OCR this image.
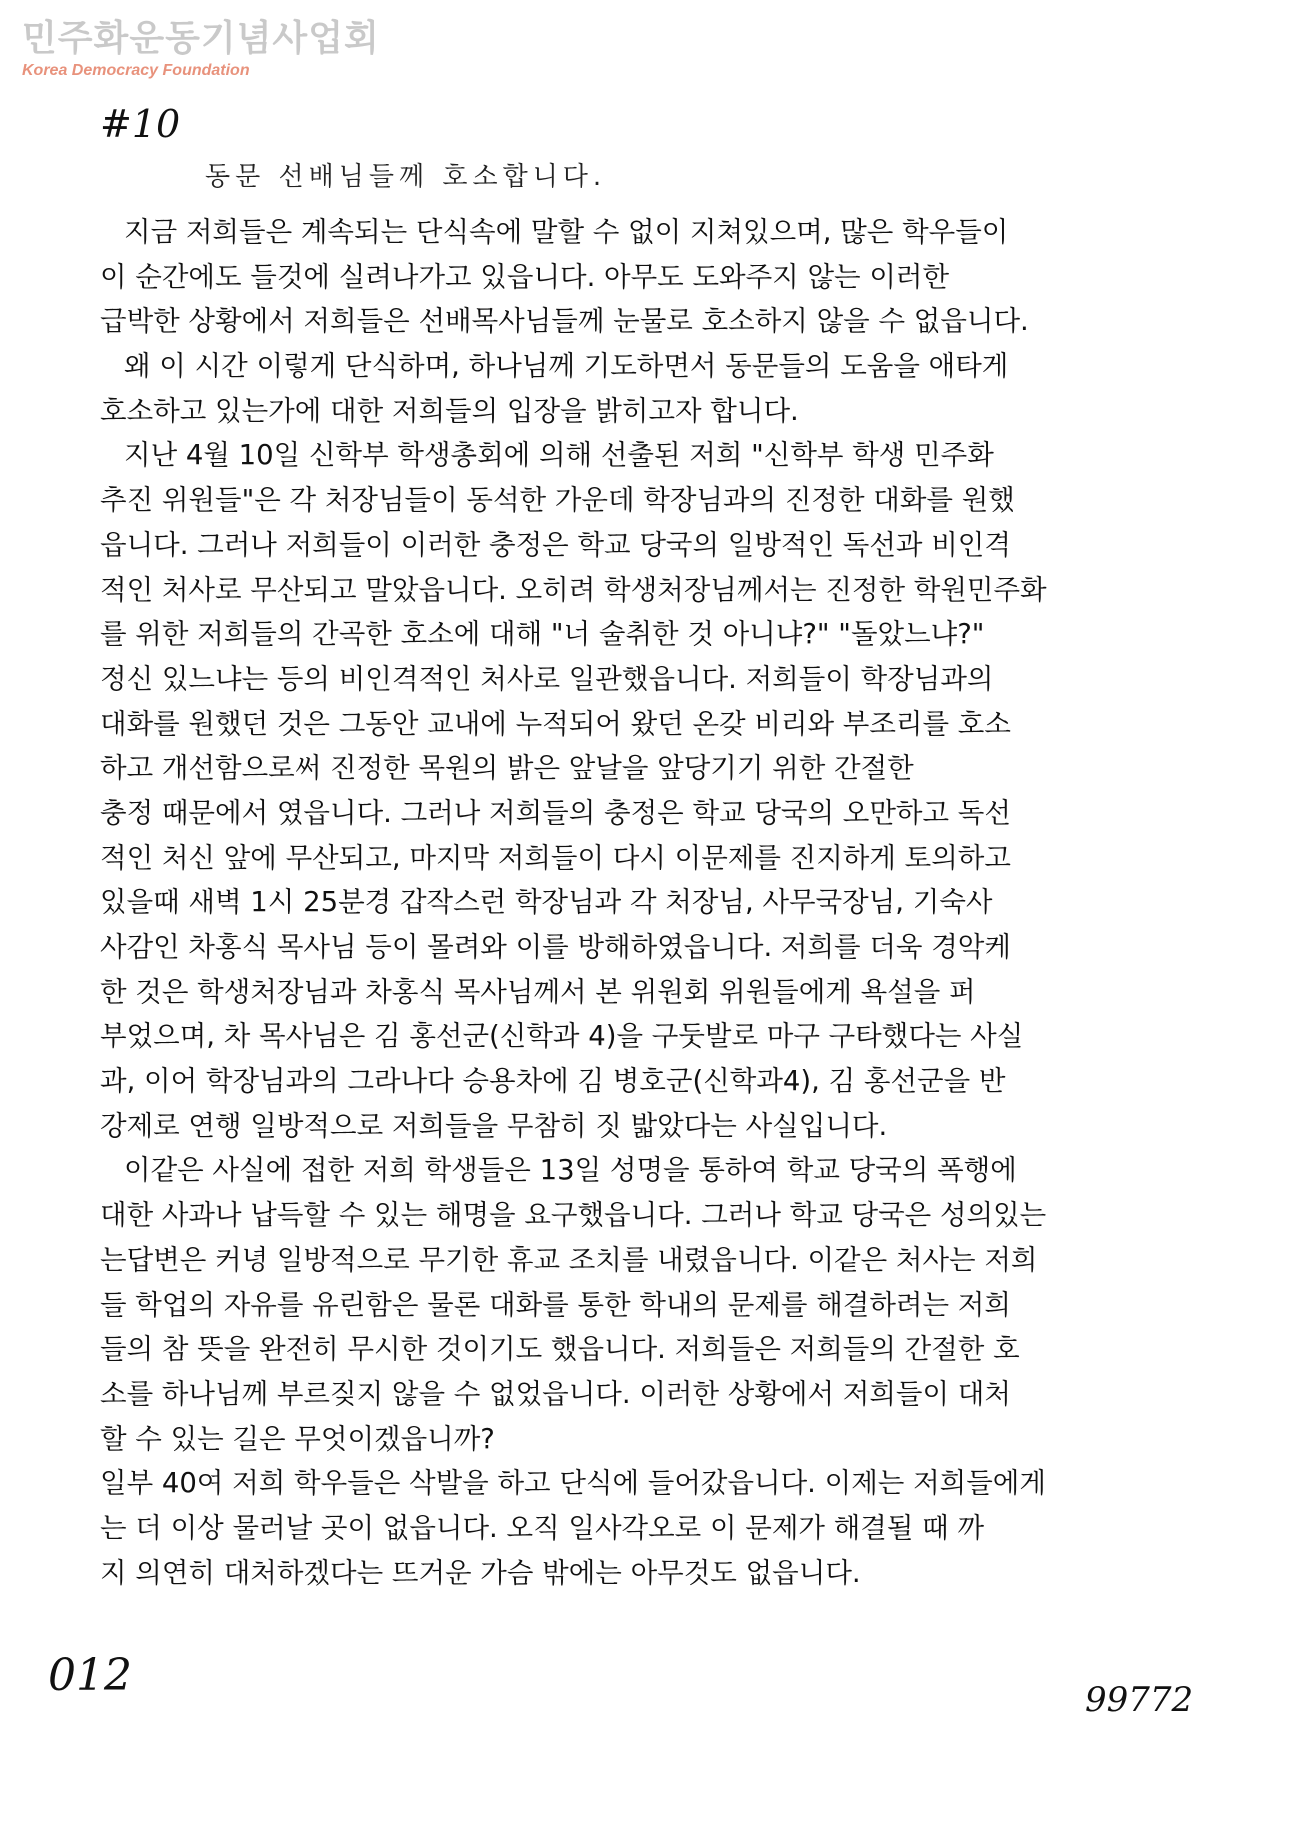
민주화운동기념사업회
Korea Democracy Foundation
#10
동문 선배님들께 호소합니다.
지금 저희들은 계속되는 단식속에 말할 수 없이 지쳐있으며, 많은 학우들이
이 순간에도 들것에 실려나가고 있읍니다. 아무도 도와주지 않는 이러한
급박한 상황에서 저희들은 선배목사님들께 눈물로 호소하지 않을 수 없읍니다.
왜 이 시간 이렇게 단식하며, 하나님께 기도하면서 동문들의 도움을 애타게
호소하고 있는가에 대한 저희들의 입장을 밝히고자 합니다.
지난 4월 10일 신학부 학생총회에 의해 선출된 저희 "신학부 학생 민주화
추진 위원들"은 각 처장님들이 동석한 가운데 학장님과의 진정한 대화를 원했
읍니다. 그러나 저희들이 이러한 충정은 학교 당국의 일방적인 독선과 비인격
적인 처사로 무산되고 말았읍니다. 오히려 학생처장님께서는 진정한 학원민주화
를 위한 저희들의 간곡한 호소에 대해 "너 술취한 것 아니냐?" "돌았느냐?"
정신 있느냐는 등의 비인격적인 처사로 일관했읍니다. 저희들이 학장님과의
대화를 원했던 것은 그동안 교내에 누적되어 왔던 온갖 비리와 부조리를 호소
하고 개선함으로써 진정한 목원의 밝은 앞날을 앞당기기 위한 간절한
충정 때문에서 였읍니다. 그러나 저희들의 충정은 학교 당국의 오만하고 독선
적인 처신 앞에 무산되고, 마지막 저희들이 다시 이문제를 진지하게 토의하고
있을때 새벽 1시 25분경 갑작스런 학장님과 각 처장님, 사무국장님, 기숙사
사감인 차홍식 목사님 등이 몰려와 이를 방해하였읍니다. 저희를 더욱 경악케
한 것은 학생처장님과 차홍식 목사님께서 본 위원회 위원들에게 욕설을 퍼
부었으며, 차 목사님은 김 홍선군(신학과 4)을 구둣발로 마구 구타했다는 사실
과, 이어 학장님과의 그라나다 승용차에 김 병호군(신학과4), 김 홍선군을 반
강제로 연행 일방적으로 저희들을 무참히 짓 밟았다는 사실입니다.
이같은 사실에 접한 저희 학생들은 13일 성명을 통하여 학교 당국의 폭행에
대한 사과나 납득할 수 있는 해명을 요구했읍니다. 그러나 학교 당국은 성의있는
는답변은 커녕 일방적으로 무기한 휴교 조치를 내렸읍니다. 이같은 처사는 저희
들 학업의 자유를 유린함은 물론 대화를 통한 학내의 문제를 해결하려는 저희
들의 참 뜻을 완전히 무시한 것이기도 했읍니다. 저희들은 저희들의 간절한 호
소를 하나님께 부르짖지 않을 수 없었읍니다. 이러한 상황에서 저희들이 대처
할 수 있는 길은 무엇이겠읍니까?
일부 40여 저희 학우들은 삭발을 하고 단식에 들어갔읍니다. 이제는 저희들에게
는 더 이상 물러날 곳이 없읍니다. 오직 일사각오로 이 문제가 해결될 때 까
지 의연히 대처하겠다는 뜨거운 가슴 밖에는 아무것도 없읍니다.
012	99772
